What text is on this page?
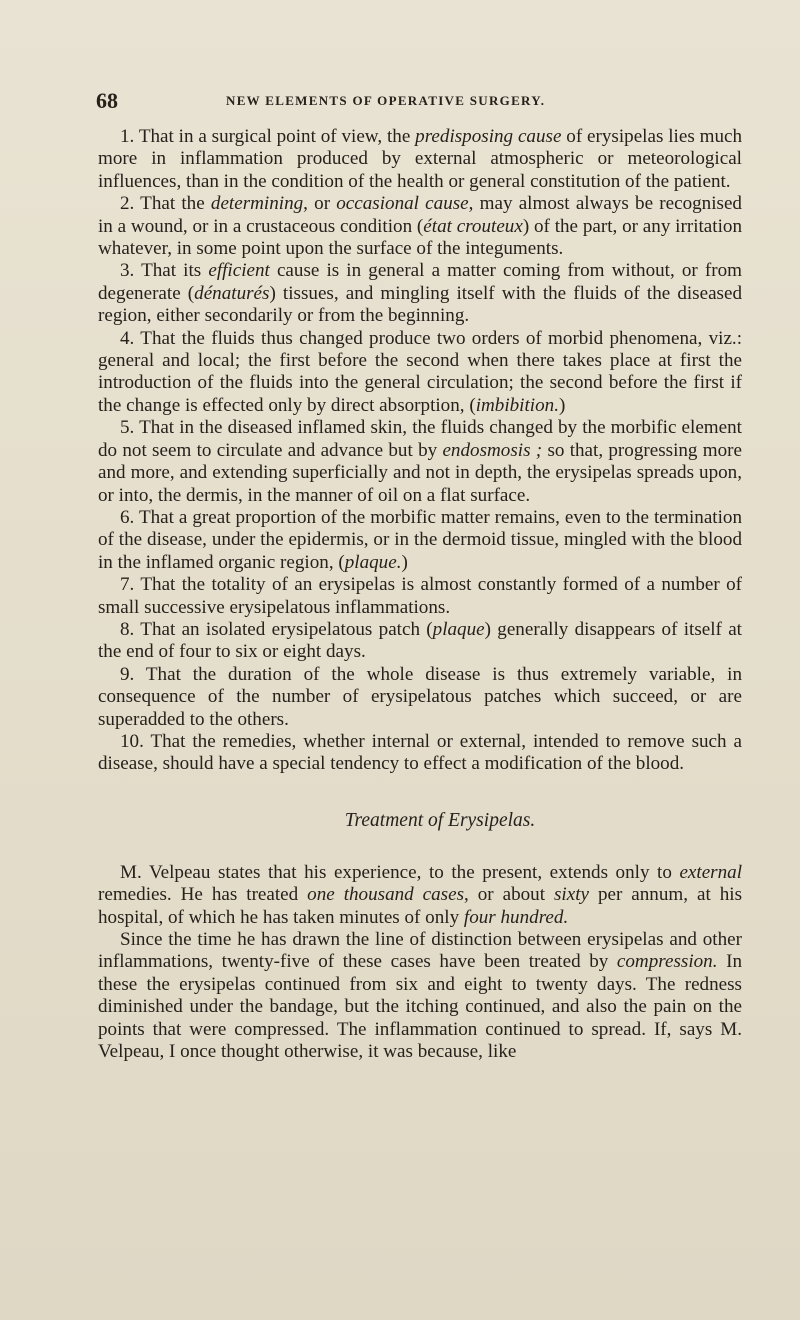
68	NEW ELEMENTS OF OPERATIVE SURGERY.

1. That in a surgical point of view, the predisposing cause of erysipelas lies much more in inflammation produced by external atmospheric or meteorological influences, than in the condition of the health or general constitution of the patient.

2. That the determining, or occasional cause, may almost always be recognised in a wound, or in a crustaceous condition (état crouteux) of the part, or any irritation whatever, in some point upon the surface of the integuments.

3. That its efficient cause is in general a matter coming from without, or from degenerate (dénaturés) tissues, and mingling itself with the fluids of the diseased region, either secondarily or from the beginning.

4. That the fluids thus changed produce two orders of morbid phenomena, viz.: general and local; the first before the second when there takes place at first the introduction of the fluids into the general circulation; the second before the first if the change is effected only by direct absorption, (imbibition.)

5. That in the diseased inflamed skin, the fluids changed by the morbific element do not seem to circulate and advance but by endosmosis ; so that, progressing more and more, and extending superficially and not in depth, the erysipelas spreads upon, or into, the dermis, in the manner of oil on a flat surface.

6. That a great proportion of the morbific matter remains, even to the termination of the disease, under the epidermis, or in the dermoid tissue, mingled with the blood in the inflamed organic region, (plaque.)

7. That the totality of an erysipelas is almost constantly formed of a number of small successive erysipelatous inflammations.

8. That an isolated erysipelatous patch (plaque) generally disappears of itself at the end of four to six or eight days.

9. That the duration of the whole disease is thus extremely variable, in consequence of the number of erysipelatous patches which succeed, or are superadded to the others.

10. That the remedies, whether internal or external, intended to remove such a disease, should have a special tendency to effect a modification of the blood.

Treatment of Erysipelas.

M. Velpeau states that his experience, to the present, extends only to external remedies. He has treated one thousand cases, or about sixty per annum, at his hospital, of which he has taken minutes of only four hundred.

Since the time he has drawn the line of distinction between erysipelas and other inflammations, twenty-five of these cases have been treated by compression. In these the erysipelas continued from six and eight to twenty days. The redness diminished under the bandage, but the itching continued, and also the pain on the points that were compressed. The inflammation continued to spread. If, says M. Velpeau, I once thought otherwise, it was because, like
